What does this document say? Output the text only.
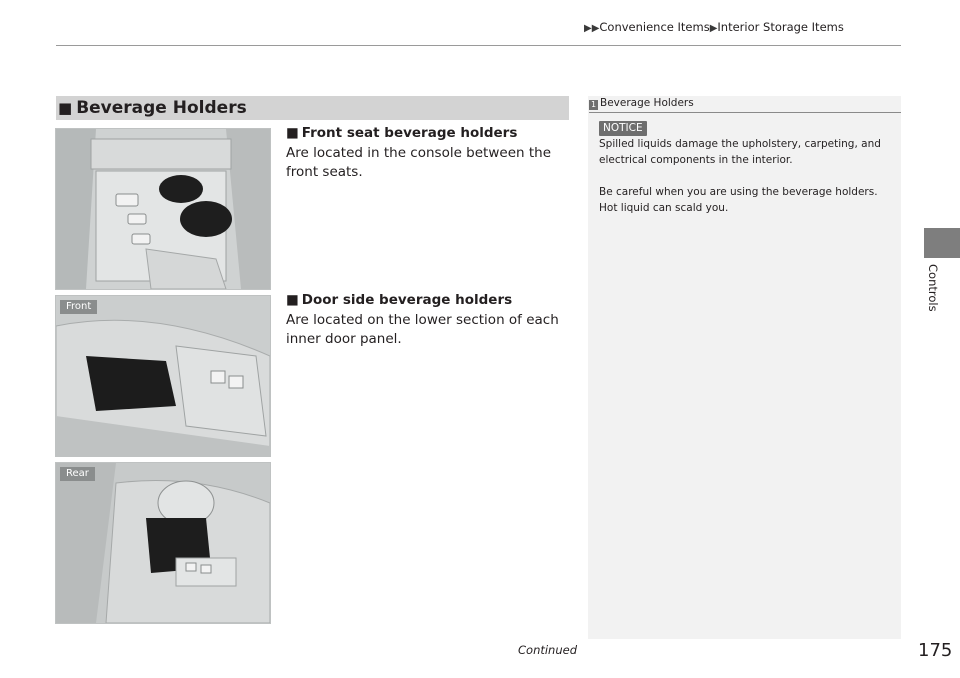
▶▶Convenience Items▶Interior Storage Items
Controls
■ Beverage Holders
Front
Rear
■ Front seat beverage holders
Are located in the console between the front seats.
■ Door side beverage holders
Are located on the lower section of each inner door panel.
1 Beverage Holders
NOTICE
Spilled liquids damage the upholstery, carpeting, and electrical components in the interior.
Be careful when you are using the beverage holders. Hot liquid can scald you.
Continued	175
